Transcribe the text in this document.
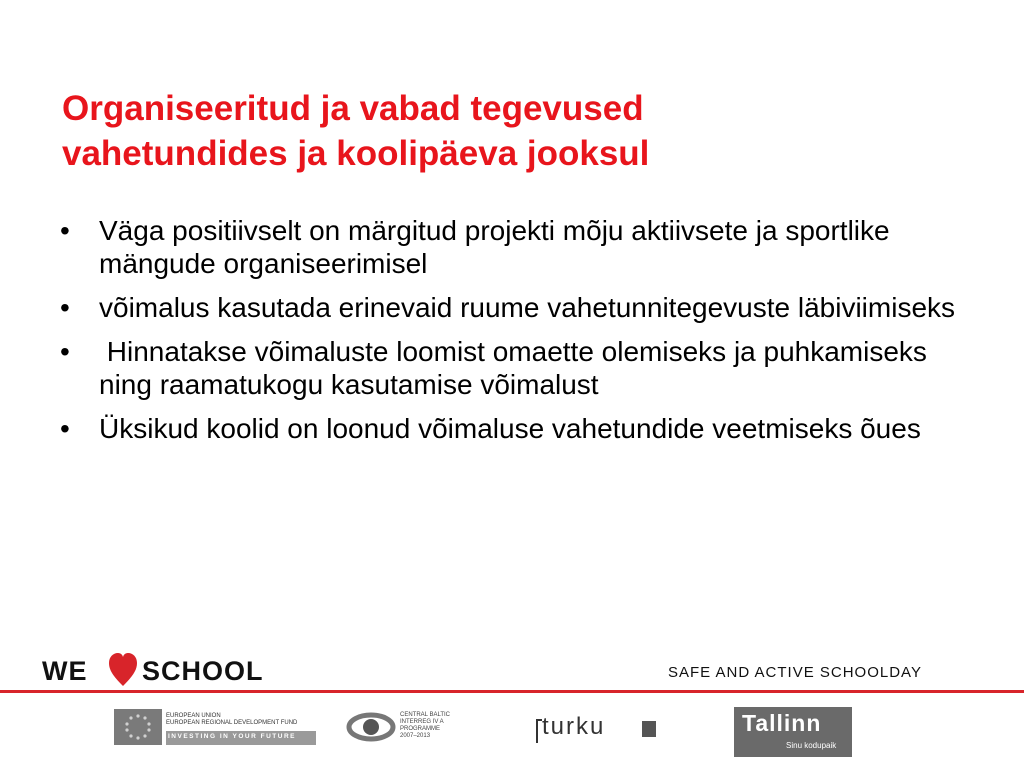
Organiseeritud ja vabad tegevused
vahetundides ja koolipäeva jooksul
• Väga positiivselt on märgitud projekti mõju aktiivsete ja sportlike mängude organiseerimisel
• võimalus kasutada erinevaid ruume vahetunnitegevuste läbiviimiseks
• Hinnatakse võimaluste loomist omaette olemiseks ja puhkamiseks ning raamatukogu kasutamise võimalust
• Üksikud koolid on loonud võimaluse vahetundide veetmiseks õues
WE SCHOOL	SAFE AND ACTIVE SCHOOLDAY
EUROPEAN UNION
EUROPEAN REGIONAL DEVELOPMENT FUND
INVESTING IN YOUR FUTURE
CENTRAL BALTIC
INTERREG IV A
PROGRAMME
2007–2013	turku	Tallinn
Sinu kodupaik
